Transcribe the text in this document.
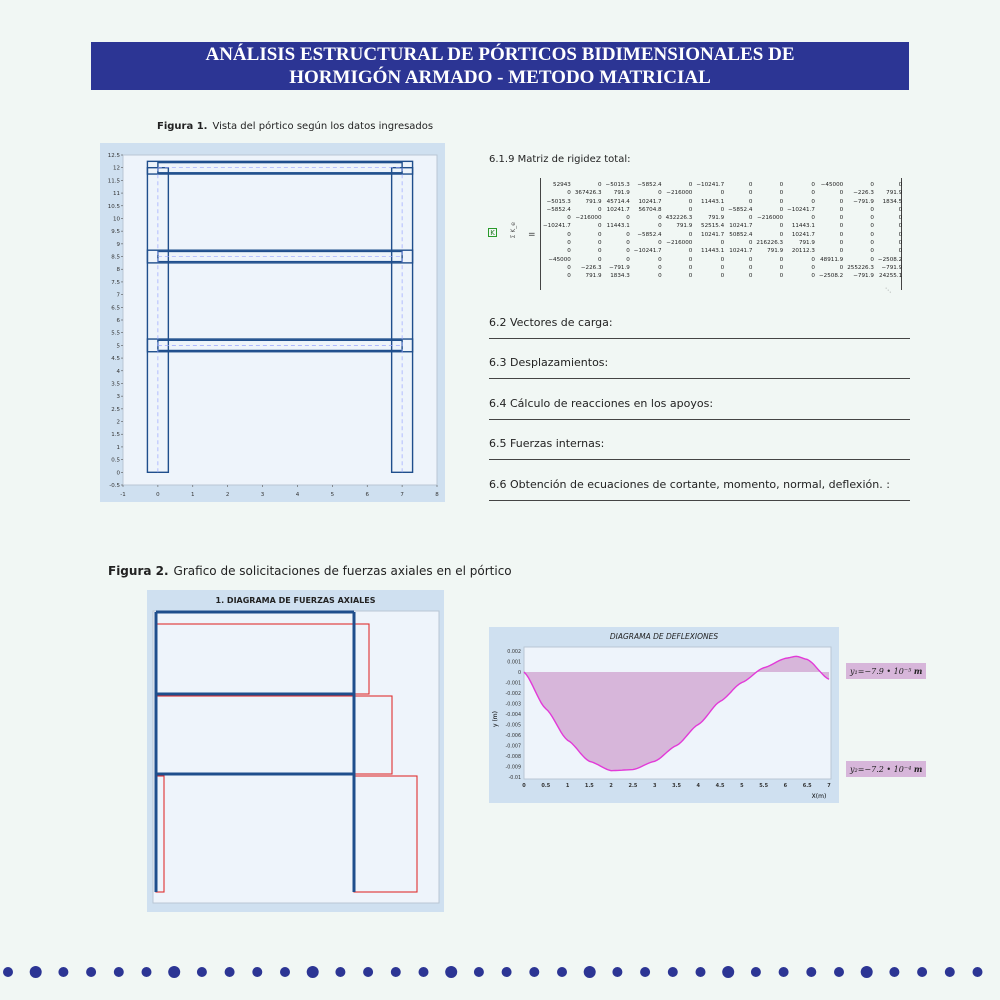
ANÁLISIS ESTRUCTURAL DE PÓRTICOS BIDIMENSIONALES DE
HORMIGÓN ARMADO - METODO MATRICIAL
Figura 1. Vista del pórtico según los datos ingresados
-1	0	1	2	3	4	5	6	7	8
-0.5
0
0.5
1
1.5
2
2.5
3
3.5
4
4.5
5
5.5
6
6.5
7
7.5
8
8.5
9
9.5
10
10.5
11
11.5
12
12.5	6.1.9 Matriz de rigidez total:
K	Σ K_e =
52943	0	−5015.3	−5852.4	0	−10241.7	0	0	0	−45000	0	0
0	367426.3	791.9	0	−216000	0	0	0	0	0	−226.3	791.9
−5015.3	791.9	45714.4	10241.7	0	11443.1	0	0	0	0	−791.9	1834.5
−5852.4	0	10241.7	56704.8	0	0	−5852.4	0	−10241.7	0	0	0
0	−216000	0	0	432226.3	791.9	0	−216000	0	0	0	0
−10241.7	0	11443.1	0	791.9	52515.4	10241.7	0	11443.1	0	0	0
0	0	0	−5852.4	0	10241.7	50852.4	0	10241.7	0	0	0
0	0	0	0	−216000	0	0	216226.3	791.9	0	0	0
0	0	0	−10241.7	0	11443.1	10241.7	791.9	20112.3	0	0	0
−45000	0	0	0	0	0	0	0	0	48911.9	0	−2508.2
0	−226.3	−791.9	0	0	0	0	0	0	0	255226.3	−791.9
0	791.9	1834.3	0	0	0	0	0	0	−2508.2	−791.9	24255.1
⋱
6.2 Vectores de carga:
6.3 Desplazamientos:
6.4 Cálculo de reacciones en los apoyos:
6.5 Fuerzas internas:
6.6 Obtención de ecuaciones de cortante, momento, normal, deflexión. :
Figura 2. Grafico de solicitaciones de fuerzas axiales en el pórtico
1. DIAGRAMA DE FUERZAS AXIALES
DIAGRAMA DE DEFLEXIONES
0	0.5	1	1.5	2	2.5	3	3.5	4	4.5	5	5.5	6	6.5	7
0.002
0.001
0
-0.001
-0.002
-0.003
-0.004
-0.005
-0.006
-0.007
-0.008
-0.009
-0.01
y (m)
X(m)
y₁=−7.9 • 10⁻⁵ m
y₂=−7.2 • 10⁻⁴ m
